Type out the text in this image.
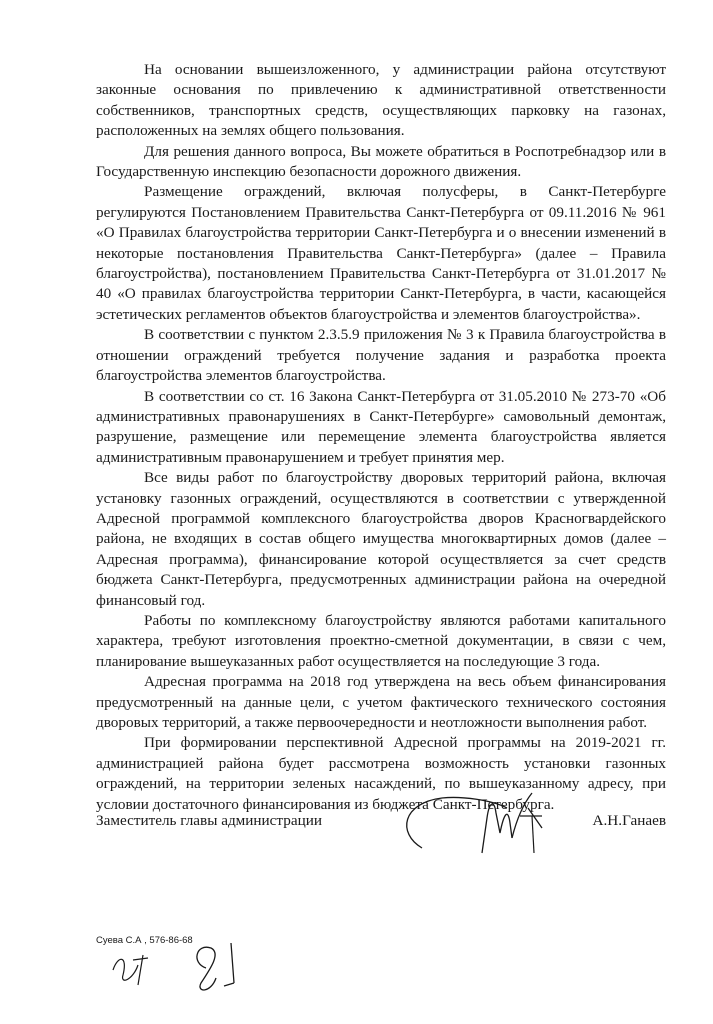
На основании вышеизложенного, у администрации района отсутствуют законные основания по привлечению к административной ответственности собственников, транспортных средств, осуществляющих парковку на газонах, расположенных на землях общего пользования.

Для решения данного вопроса, Вы можете обратиться в Роспотребнадзор или в Государственную инспекцию безопасности дорожного движения.

Размещение ограждений, включая полусферы, в Санкт-Петербурге регулируются Постановлением Правительства Санкт-Петербурга от 09.11.2016 № 961 «О Правилах благоустройства территории Санкт-Петербурга и о внесении изменений в некоторые постановления Правительства Санкт-Петербурга» (далее – Правила благоустройства), постановлением Правительства Санкт-Петербурга от 31.01.2017 № 40 «О правилах благоустройства территории Санкт-Петербурга, в части, касающейся эстетических регламентов объектов благоустройства и элементов благоустройства».

В соответствии с пунктом 2.3.5.9 приложения № 3 к Правила благоустройства в отношении ограждений требуется получение задания и разработка проекта благоустройства элементов благоустройства.

В соответствии со ст. 16 Закона Санкт-Петербурга от 31.05.2010 № 273-70 «Об административных правонарушениях в Санкт-Петербурге» самовольный демонтаж, разрушение, размещение или перемещение элемента благоустройства является административным правонарушением и требует принятия мер.

Все виды работ по благоустройству дворовых территорий района, включая установку газонных ограждений, осуществляются в соответствии с утвержденной Адресной программой комплексного благоустройства дворов Красногвардейского района, не входящих в состав общего имущества многоквартирных домов (далее – Адресная программа), финансирование которой осуществляется за счет средств бюджета Санкт-Петербурга, предусмотренных администрации района на очередной финансовый год.

Работы по комплексному благоустройству являются работами капитального характера, требуют изготовления проектно-сметной документации, в связи с чем, планирование вышеуказанных работ осуществляется на последующие 3 года.

Адресная программа на 2018 год утверждена на весь объем финансирования предусмотренный на данные цели, с учетом фактического технического состояния дворовых территорий, а также первоочередности и неотложности выполнения работ.

При формировании перспективной Адресной программы на 2019-2021 гг. администрацией района будет рассмотрена возможность установки газонных ограждений, на территории зеленых насаждений, по вышеуказанному адресу, при условии достаточного финансирования из бюджета Санкт-Петербурга.

Заместитель главы администрации	А.Н.Ганаев
Суева С.А , 576-86-68
